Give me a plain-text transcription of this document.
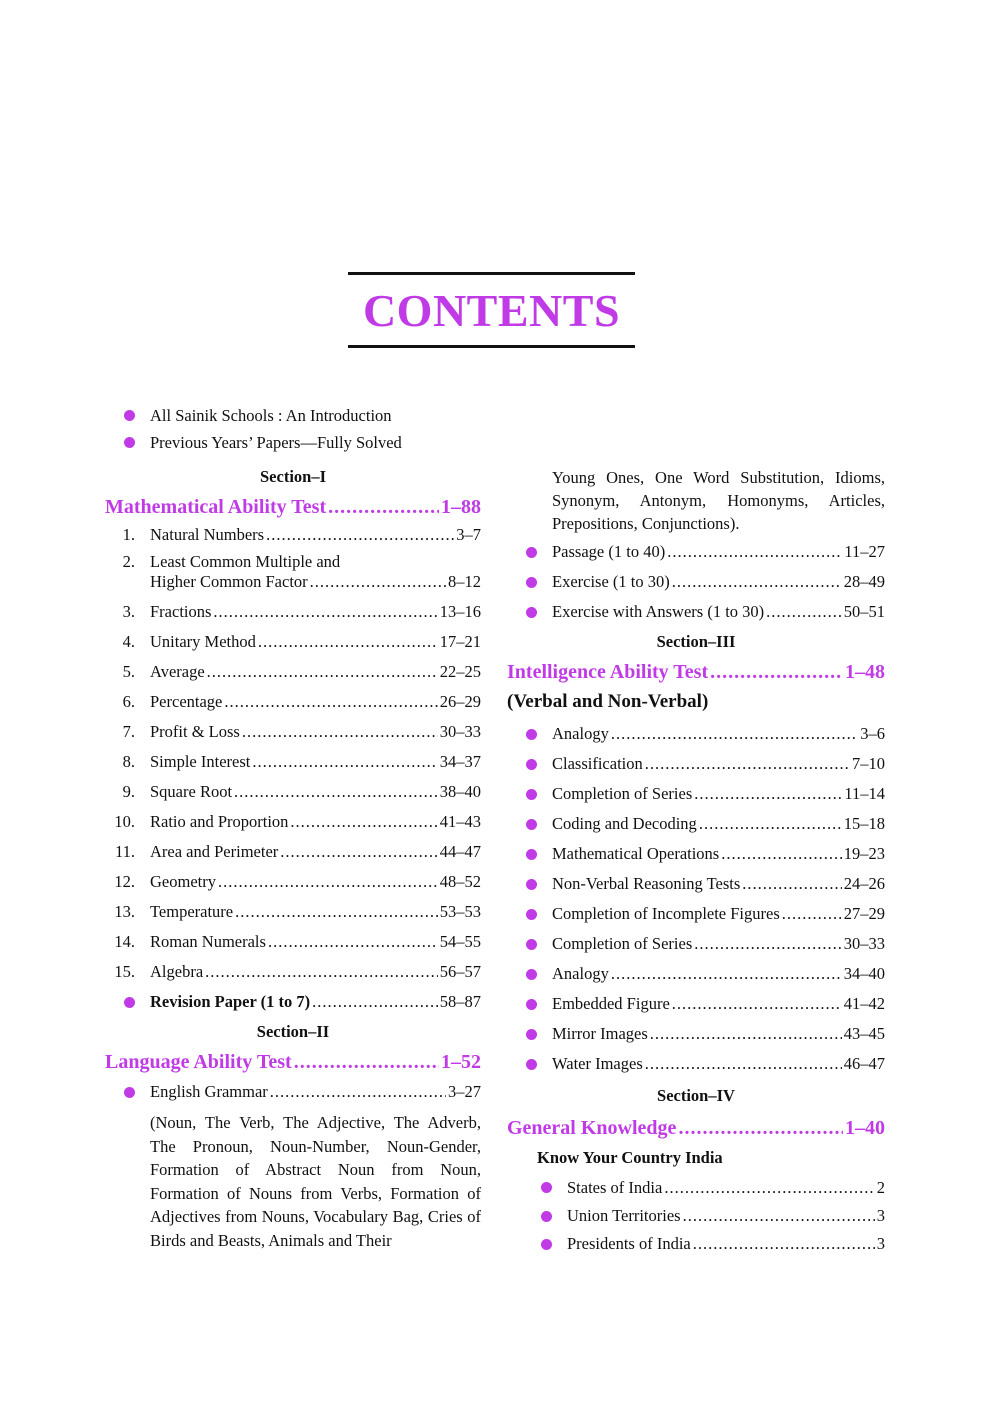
CONTENTS
All Sainik Schools : An Introduction
Previous Years’ Papers—Fully Solved
Section–I
Mathematical Ability Test .....	1–88
1. Natural Numbers .....	3–7
2. Least Common Multiple and
Higher Common Factor .....	8–12
3. Fractions .....	13–16
4. Unitary Method .....	17–21
5. Average .....	22–25
6. Percentage .....	26–29
7. Profit & Loss .....	30–33
8. Simple Interest .....	34–37
9. Square Root .....	38–40
10. Ratio and Proportion .....	41–43
11. Area and Perimeter .....	44–47
12. Geometry .....	48–52
13. Temperature .....	53–53
14. Roman Numerals .....	54–55
15. Algebra .....	56–57
Revision Paper (1 to 7) .....	58–87
Section–II
Language Ability Test .....	1–52
English Grammar .....	3–27
(Noun, The Verb, The Adjective, The Adverb, The Pronoun, Noun-Number, Noun-Gender, Formation of Abstract Noun from Noun, Formation of Nouns from Verbs, Formation of Adjectives from Nouns, Vocabulary Bag, Cries of Birds and Beasts, Animals and Their
Young Ones, One Word Substitution, Idioms, Synonym, Antonym, Homonyms, Articles, Prepositions, Conjunctions).
Passage (1 to 40) .....	11–27
Exercise (1 to 30) .....	28–49
Exercise with Answers (1 to 30) .....	50–51
Section–III
Intelligence Ability Test .....	1–48
(Verbal and Non-Verbal)
Analogy .....	3–6
Classification .....	7–10
Completion of Series .....	11–14
Coding and Decoding .....	15–18
Mathematical Operations .....	19–23
Non-Verbal Reasoning Tests .....	24–26
Completion of Incomplete Figures .....	27–29
Completion of Series .....	30–33
Analogy .....	34–40
Embedded Figure .....	41–42
Mirror Images .....	43–45
Water Images .....	46–47
Section–IV
General Knowledge .....	1–40
Know Your Country India
States of India .....	2
Union Territories .....	3
Presidents of India .....	3
